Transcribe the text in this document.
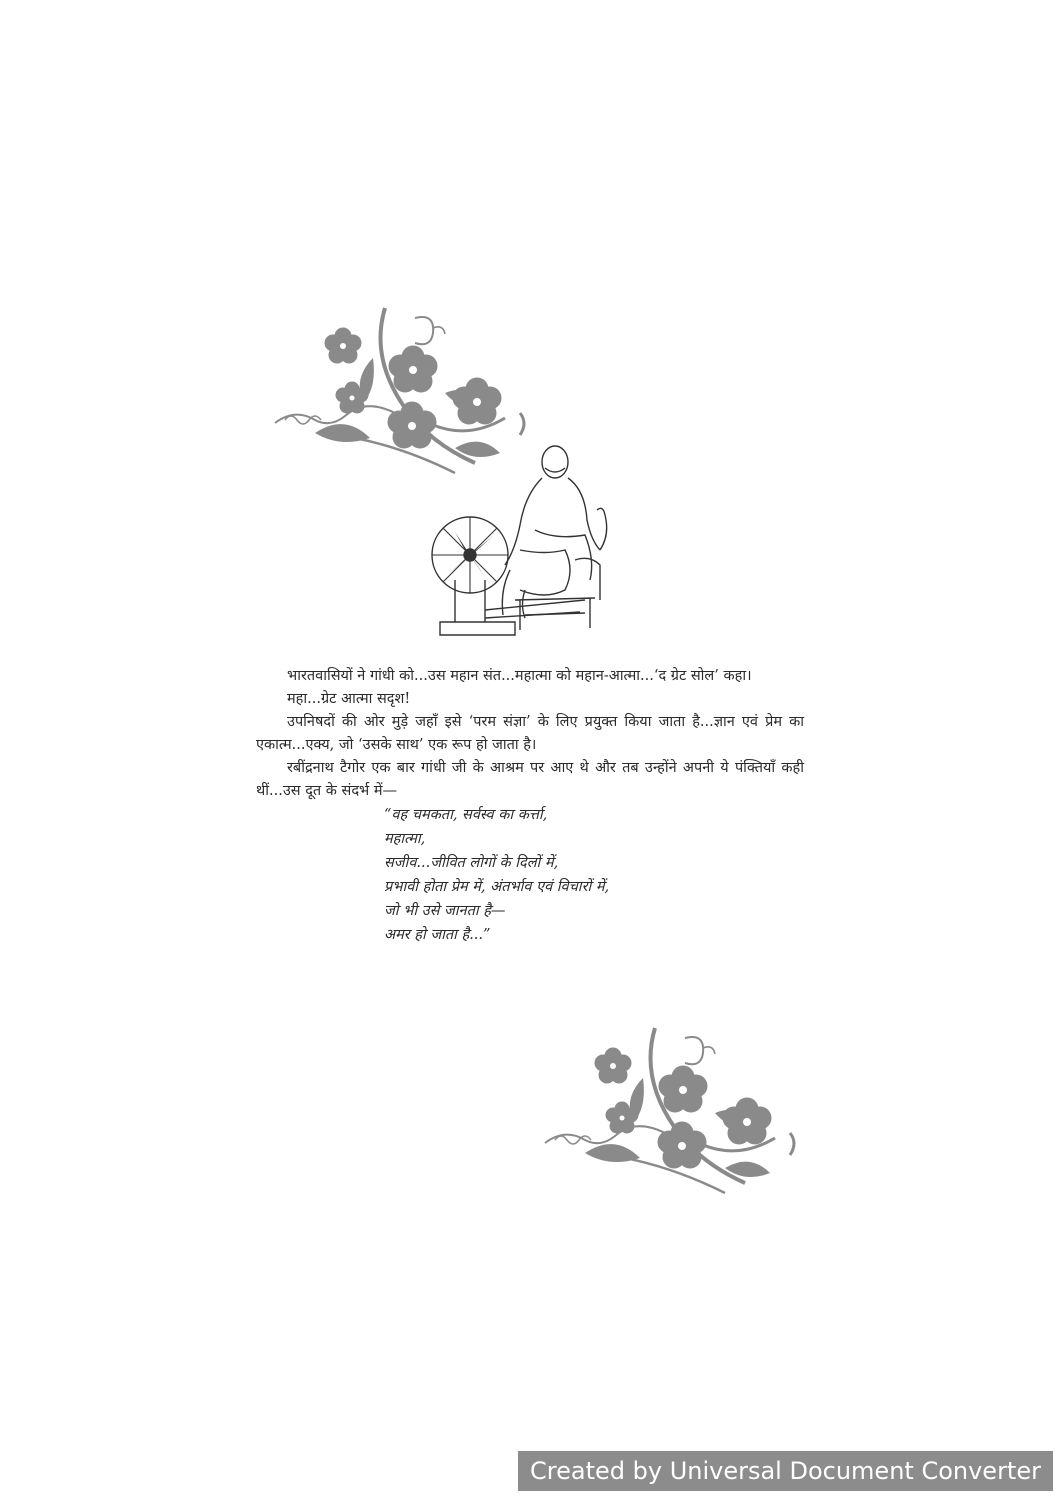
भारतवासियों ने गांधी को...उस महान संत...महात्मा को महान-आत्मा...‘द ग्रेट सोल’ कहा।

महा...ग्रेट आत्मा सदृश!

उपनिषदों की ओर मुड़े जहाँ इसे ‘परम संज्ञा’ के लिए प्रयुक्त किया जाता है...ज्ञान एवं प्रेम का एकात्म...एक्य, जो ‘उसके साथ’ एक रूप हो जाता है।

रबींद्रनाथ टैगोर एक बार गांधी जी के आश्रम पर आए थे और तब उन्होंने अपनी ये पंक्तियाँ कही थीं...उस दूत के संदर्भ में—

“वह चमकता, सर्वस्व का कर्त्ता,
महात्मा,
सजीव...जीवित लोगों के दिलों में,
प्रभावी होता प्रेम में, अंतर्भाव एवं विचारों में,
जो भी उसे जानता है—
अमर हो जाता है...”
Created by Universal Document Converter
